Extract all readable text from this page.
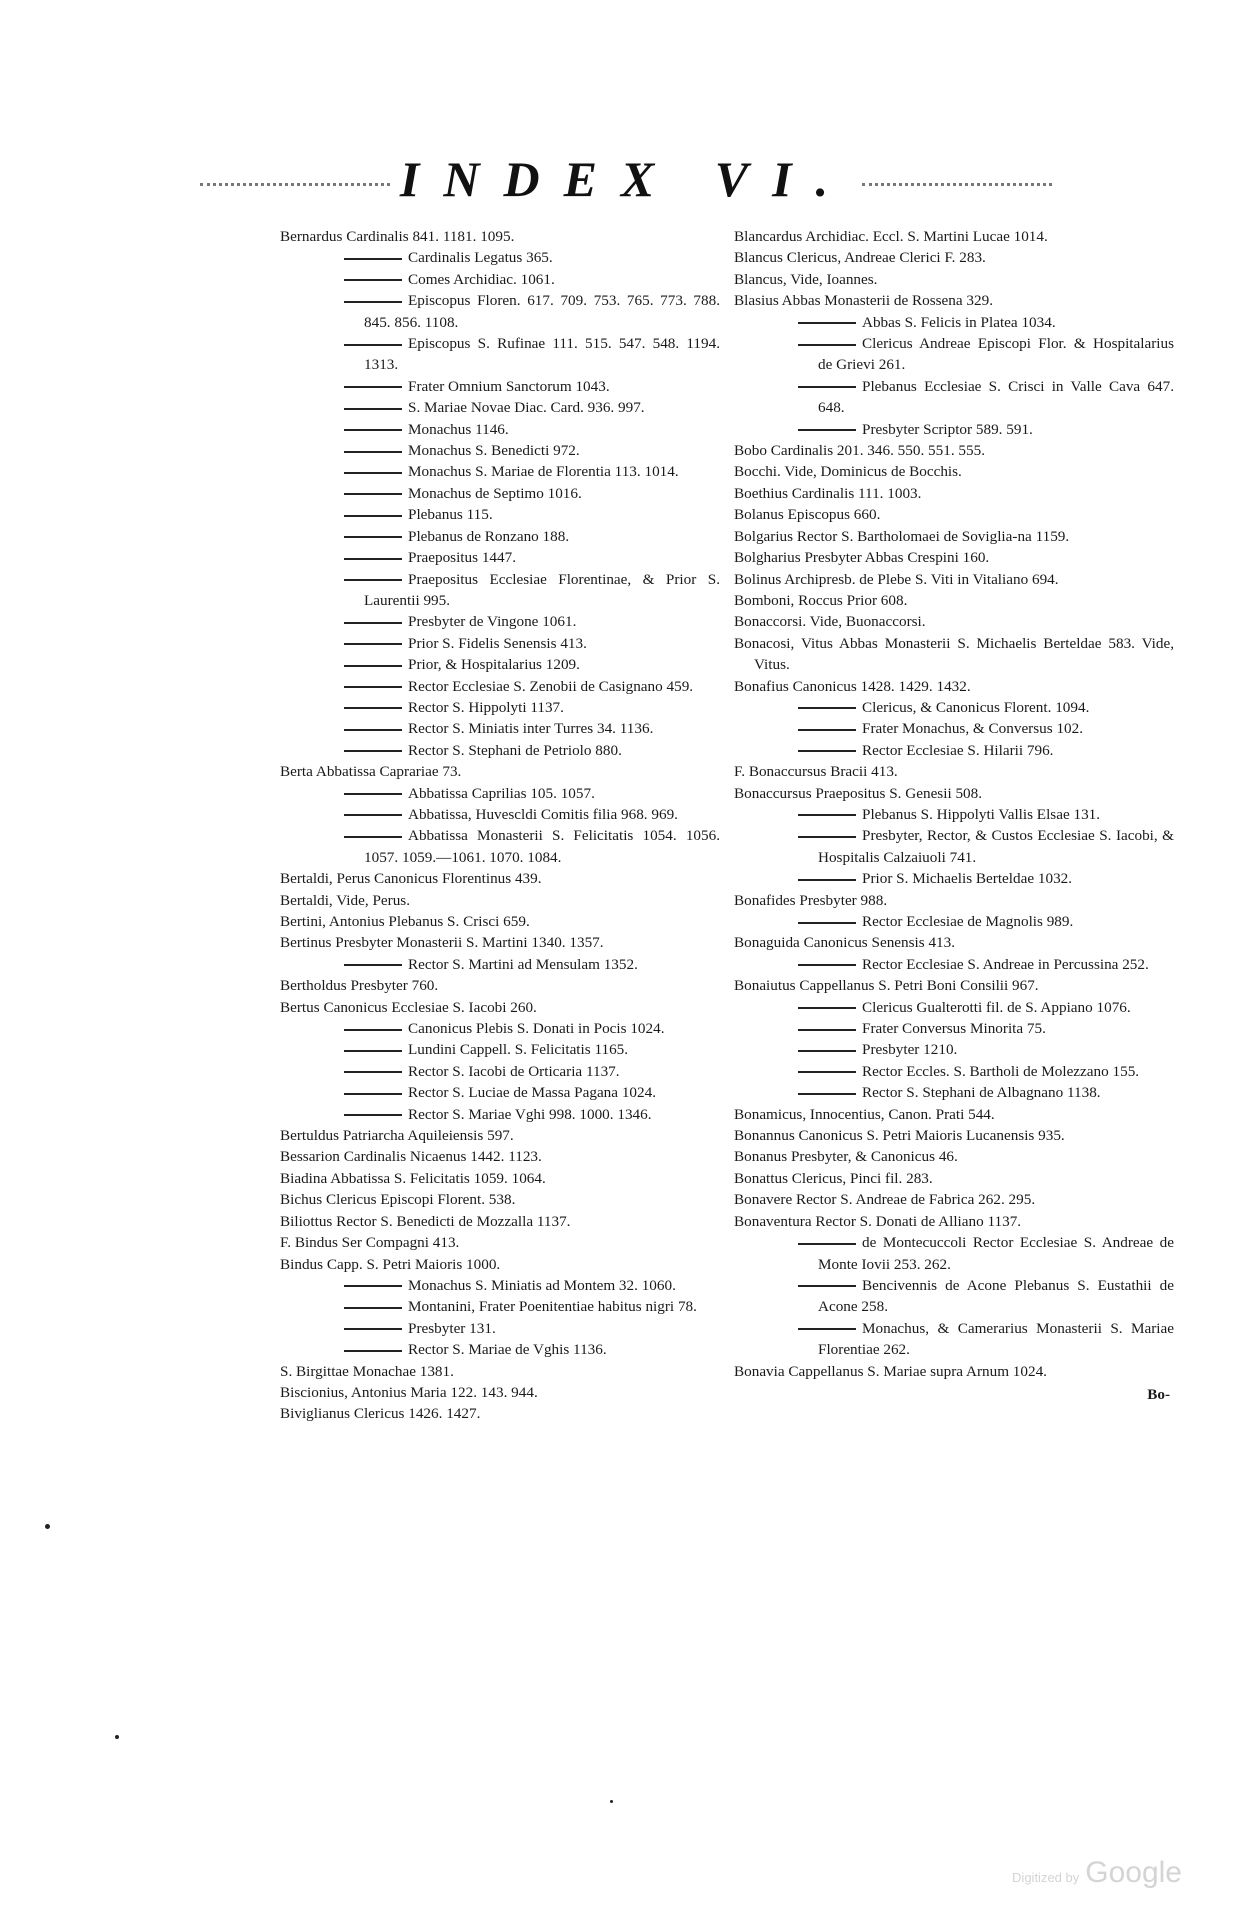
INDEX VI.

Bernardus Cardinalis 841. 1181. 1095.

Cardinalis Legatus 365.

Comes Archidiac. 1061.

Episcopus Floren. 617. 709. 753. 765. 773. 788. 845. 856. 1108.

Episcopus S. Rufinae 111. 515. 547. 548. 1194. 1313.

Frater Omnium Sanctorum 1043.

S. Mariae Novae Diac. Card. 936. 997.

Monachus 1146.

Monachus S. Benedicti 972.

Monachus S. Mariae de Florentia 113. 1014.

Monachus de Septimo 1016.

Plebanus 115.

Plebanus de Ronzano 188.

Praepositus 1447.

Praepositus Ecclesiae Florentinae, & Prior S. Laurentii 995.

Presbyter de Vingone 1061.

Prior S. Fidelis Senensis 413.

Prior, & Hospitalarius 1209.

Rector Ecclesiae S. Zenobii de Casignano 459.

Rector S. Hippolyti 1137.

Rector S. Miniatis inter Turres 34. 1136.

Rector S. Stephani de Petriolo 880.

Berta Abbatissa Caprariae 73.

Abbatissa Caprilias 105. 1057.

Abbatissa, Huvescldi Comitis filia 968. 969.

Abbatissa Monasterii S. Felicitatis 1054. 1056. 1057. 1059.—1061. 1070. 1084.

Bertaldi, Perus Canonicus Florentinus 439.

Bertaldi, Vide, Perus.

Bertini, Antonius Plebanus S. Crisci 659.

Bertinus Presbyter Monasterii S. Martini 1340. 1357.

Rector S. Martini ad Mensulam 1352.

Bertholdus Presbyter 760.

Bertus Canonicus Ecclesiae S. Iacobi 260.

Canonicus Plebis S. Donati in Pocis 1024.

Lundini Cappell. S. Felicitatis 1165.

Rector S. Iacobi de Orticaria 1137.

Rector S. Luciae de Massa Pagana 1024.

Rector S. Mariae Vghi 998. 1000. 1346.

Bertuldus Patriarcha Aquileiensis 597.

Bessarion Cardinalis Nicaenus 1442. 1123.

Biadina Abbatissa S. Felicitatis 1059. 1064.

Bichus Clericus Episcopi Florent. 538.

Biliottus Rector S. Benedicti de Mozzalla 1137.

F. Bindus Ser Compagni 413.

Bindus Capp. S. Petri Maioris 1000.

Monachus S. Miniatis ad Montem 32. 1060.

Montanini, Frater Poenitentiae habitus nigri 78.

Presbyter 131.

Rector S. Mariae de Vghis 1136.

S. Birgittae Monachae 1381.

Biscionius, Antonius Maria 122. 143. 944.

Biviglianus Clericus 1426. 1427.

Blancardus Archidiac. Eccl. S. Martini Lucae 1014.

Blancus Clericus, Andreae Clerici F. 283.

Blancus, Vide, Ioannes.

Blasius Abbas Monasterii de Rossena 329.

Abbas S. Felicis in Platea 1034.

Clericus Andreae Episcopi Flor. & Hospitalarius de Grievi 261.

Plebanus Ecclesiae S. Crisci in Valle Cava 647. 648.

Presbyter Scriptor 589. 591.

Bobo Cardinalis 201. 346. 550. 551. 555.

Bocchi. Vide, Dominicus de Bocchis.

Boethius Cardinalis 111. 1003.

Bolanus Episcopus 660.

Bolgarius Rector S. Bartholomaei de Soviglia-na 1159.

Bolgharius Presbyter Abbas Crespini 160.

Bolinus Archipresb. de Plebe S. Viti in Vitaliano 694.

Bomboni, Roccus Prior 608.

Bonaccorsi. Vide, Buonaccorsi.

Bonacosi, Vitus Abbas Monasterii S. Michaelis Berteldae 583. Vide, Vitus.

Bonafius Canonicus 1428. 1429. 1432.

Clericus, & Canonicus Florent. 1094.

Frater Monachus, & Conversus 102.

Rector Ecclesiae S. Hilarii 796.

F. Bonaccursus Bracii 413.

Bonaccursus Praepositus S. Genesii 508.

Plebanus S. Hippolyti Vallis Elsae 131.

Presbyter, Rector, & Custos Ecclesiae S. Iacobi, & Hospitalis Calzaiuoli 741.

Prior S. Michaelis Berteldae 1032.

Bonafides Presbyter 988.

Rector Ecclesiae de Magnolis 989.

Bonaguida Canonicus Senensis 413.

Rector Ecclesiae S. Andreae in Percussina 252.

Bonaiutus Cappellanus S. Petri Boni Consilii 967.

Clericus Gualterotti fil. de S. Appiano 1076.

Frater Conversus Minorita 75.

Presbyter 1210.

Rector Eccles. S. Bartholi de Molezzano 155.

Rector S. Stephani de Albagnano 1138.

Bonamicus, Innocentius, Canon. Prati 544.

Bonannus Canonicus S. Petri Maioris Lucanensis 935.

Bonanus Presbyter, & Canonicus 46.

Bonattus Clericus, Pinci fil. 283.

Bonavere Rector S. Andreae de Fabrica 262. 295.

Bonaventura Rector S. Donati de Alliano 1137.

de Montecuccoli Rector Ecclesiae S. Andreae de Monte Iovii 253. 262.

Bencivennis de Acone Plebanus S. Eustathii de Acone 258.

Monachus, & Camerarius Monasterii S. Mariae Florentiae 262.

Bonavia Cappellanus S. Mariae supra Arnum 1024.

Bo-
Digitized by Google
